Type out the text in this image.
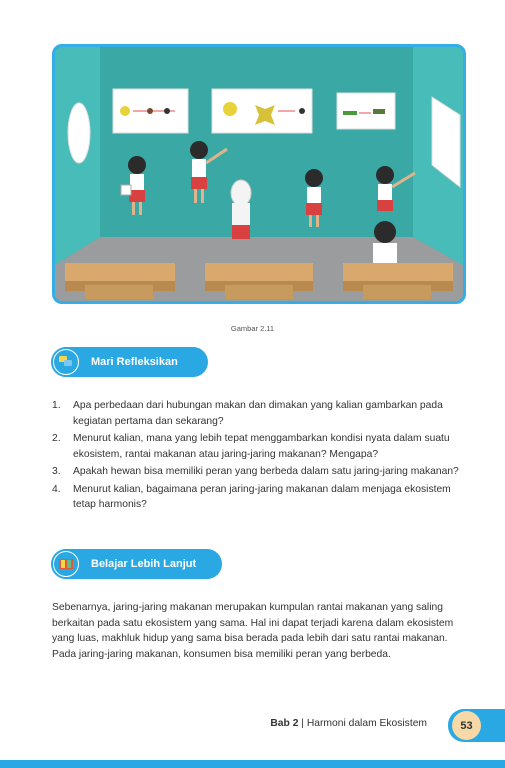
Gambar 2.11
Mari Refleksikan
1. Apa perbedaan dari hubungan makan dan dimakan yang kalian gambarkan pada kegiatan pertama dan sekarang?
2. Menurut kalian, mana yang lebih tepat menggambarkan kondisi nyata dalam suatu ekosistem, rantai makanan atau jaring-jaring makanan? Mengapa?
3. Apakah hewan bisa memiliki peran yang berbeda dalam satu jaring-jaring makanan?
4. Menurut kalian, bagaimana peran jaring-jaring makanan dalam menjaga ekosistem tetap harmonis?
Belajar Lebih Lanjut
Sebenarnya, jaring-jaring makanan merupakan kumpulan rantai makanan yang saling berkaitan pada satu ekosistem yang sama. Hal ini dapat terjadi karena dalam ekosistem yang luas, makhluk hidup yang sama bisa berada pada lebih dari satu rantai makanan. Pada jaring-jaring makanan, konsumen bisa memiliki peran yang berbeda.
Bab 2 | Harmoni dalam Ekosistem	53
